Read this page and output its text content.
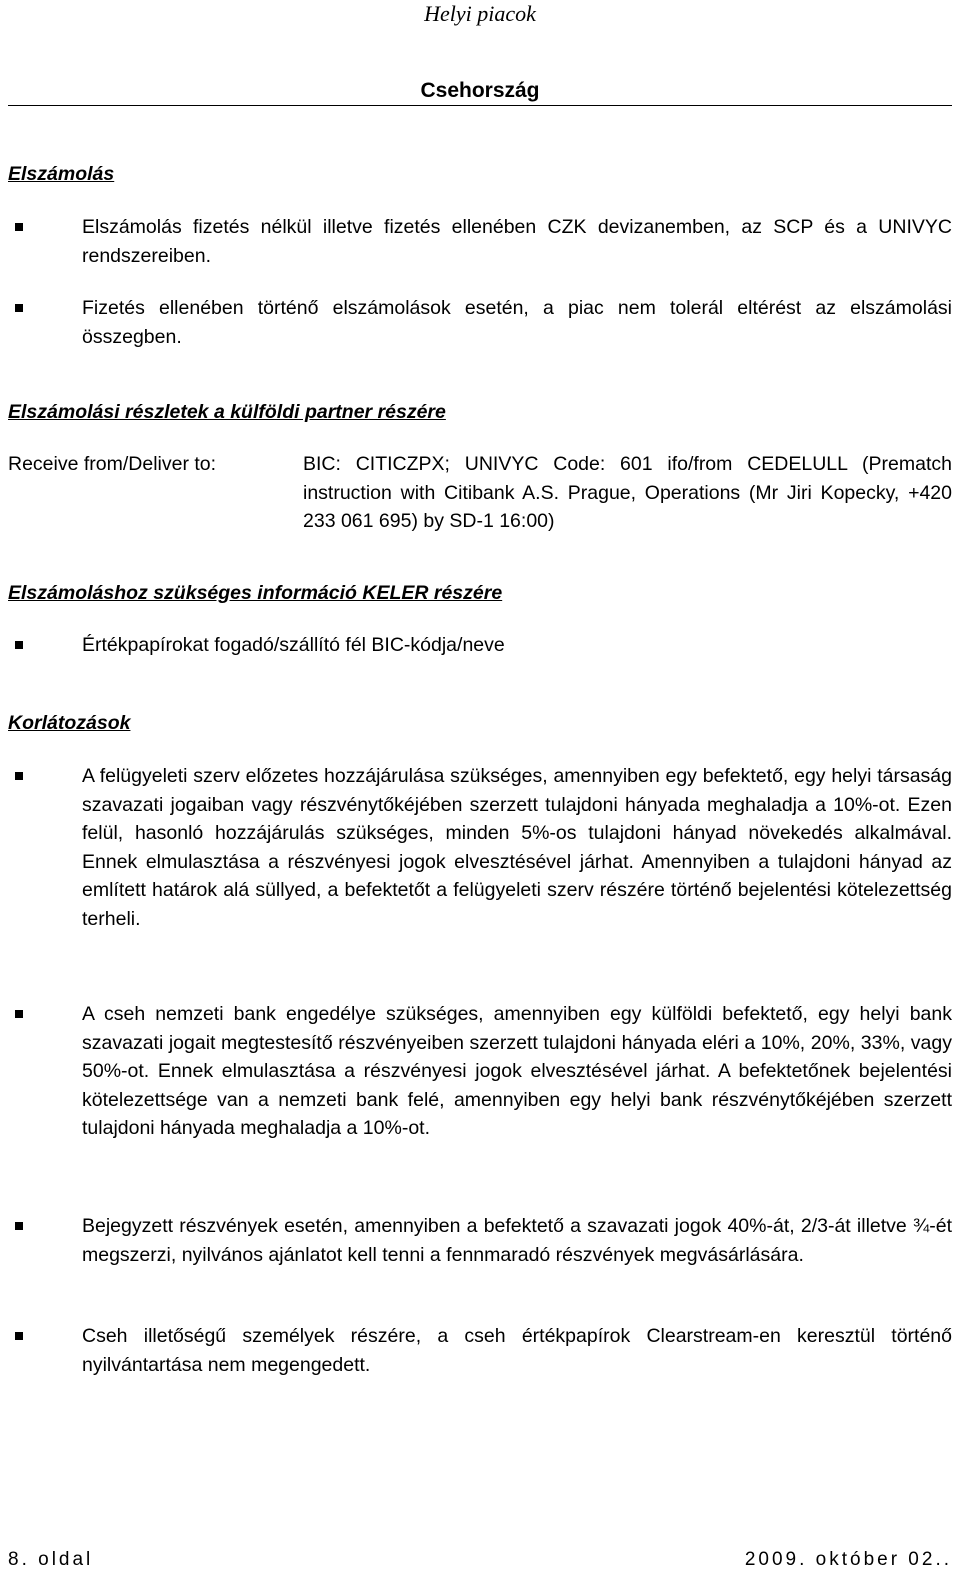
Helyi piacok
Csehország
Elszámolás
Elszámolás fizetés nélkül illetve fizetés ellenében CZK devizanemben, az SCP és a UNIVYC rendszereiben.
Fizetés ellenében történő elszámolások esetén, a piac nem tolerál eltérést az elszámolási összegben.
Elszámolási részletek a külföldi partner részére
Receive from/Deliver to:	BIC: CITICZPX; UNIVYC Code: 601 ifo/from CEDELULL (Prematch instruction with Citibank A.S. Prague, Operations (Mr Jiri Kopecky, +420 233 061 695) by SD-1 16:00)
Elszámoláshoz szükséges információ KELER részére
Értékpapírokat fogadó/szállító fél BIC-kódja/neve
Korlátozások
A felügyeleti szerv előzetes hozzájárulása szükséges, amennyiben egy befektető, egy helyi társaság szavazati jogaiban vagy részvénytőkéjében szerzett tulajdoni hányada meghaladja a 10%-ot. Ezen felül, hasonló hozzájárulás szükséges, minden 5%-os tulajdoni hányad növekedés alkalmával. Ennek elmulasztása a részvényesi jogok elvesztésével járhat. Amennyiben a tulajdoni hányad az említett határok alá süllyed, a befektetőt a felügyeleti szerv részére történő bejelentési kötelezettség terheli.
A cseh nemzeti bank engedélye szükséges, amennyiben egy külföldi befektető, egy helyi bank szavazati jogait megtestesítő részvényeiben szerzett tulajdoni hányada eléri a 10%, 20%, 33%, vagy 50%-ot. Ennek elmulasztása a részvényesi jogok elvesztésével járhat. A befektetőnek bejelentési kötelezettsége van a nemzeti bank felé, amennyiben egy helyi bank részvénytőkéjében szerzett tulajdoni hányada meghaladja a 10%-ot.
Bejegyzett részvények esetén, amennyiben a befektető a szavazati jogok 40%-át, 2/3-át illetve ¾-ét megszerzi, nyilvános ajánlatot kell tenni a fennmaradó részvények megvásárlására.
Cseh illetőségű személyek részére, a cseh értékpapírok Clearstream-en keresztül történő nyilvántartása nem megengedett.
8. oldal	2009. október 02..
